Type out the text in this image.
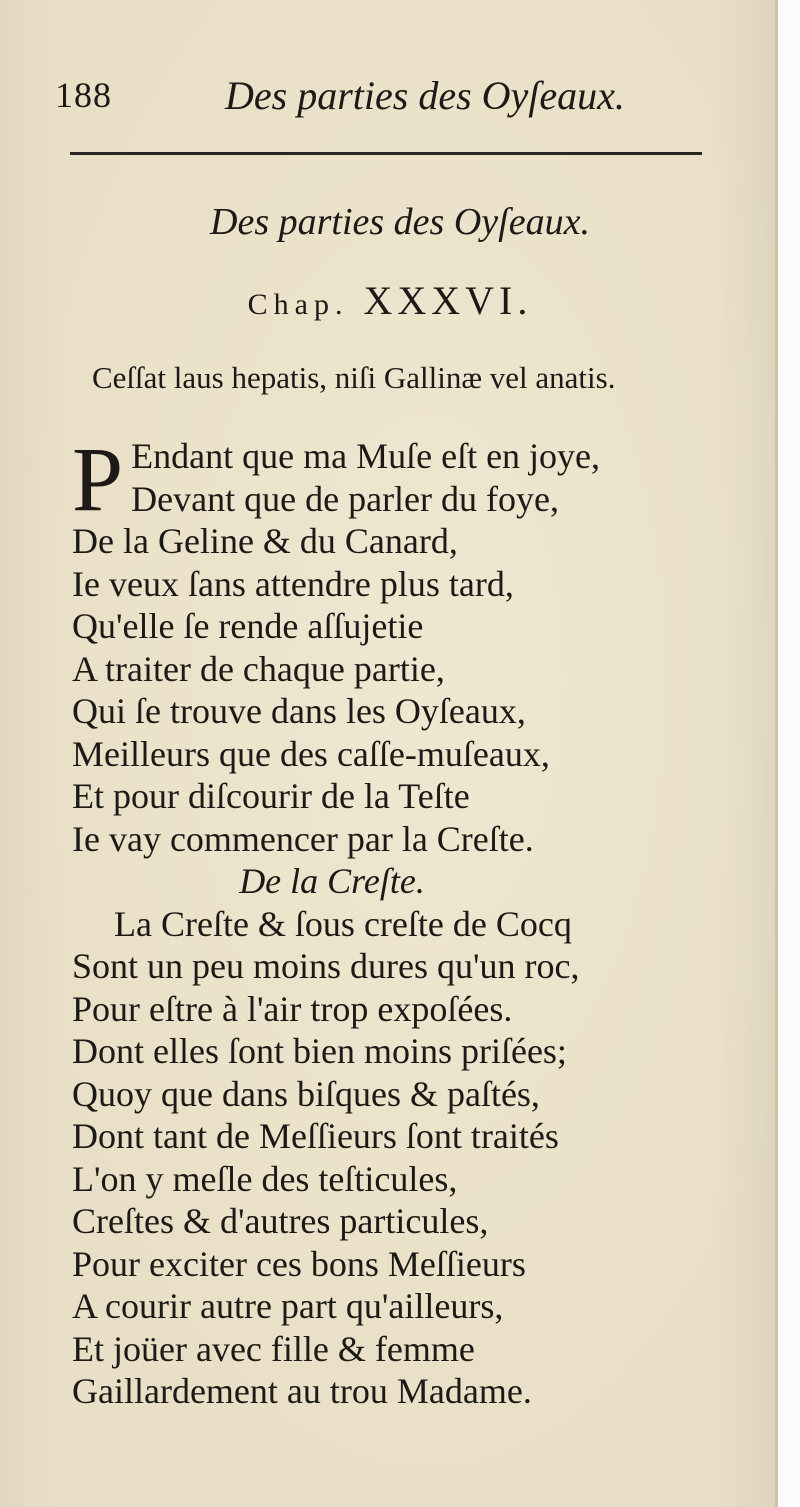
188	Des parties des Oyſeaux.
Des parties des Oyſeaux.
Chap. XXXVI.
Ceſſat laus hepatis, niſi Gallinæ vel anatis.
P Endant que ma Muſe eſt en joye,
Devant que de parler du foye,
De la Geline & du Canard,
Ie veux ſans attendre plus tard,
Qu'elle ſe rende aſſujetie
A traiter de chaque partie,
Qui ſe trouve dans les Oyſeaux,
Meilleurs que des caſſe-muſeaux,
Et pour diſcourir de la Teſte
Ie vay commencer par la Creſte.
De la Creſte.
La Creſte & ſous creſte de Cocq
Sont un peu moins dures qu'un roc,
Pour eſtre à l'air trop expoſées.
Dont elles ſont bien moins priſées;
Quoy que dans biſques & paſtés,
Dont tant de Meſſieurs ſont traités
L'on y meſle des teſticules,
Creſtes & d'autres particules,
Pour exciter ces bons Meſſieurs
A courir autre part qu'ailleurs,
Et joüer avec fille & femme
Gaillardement au trou Madame.
